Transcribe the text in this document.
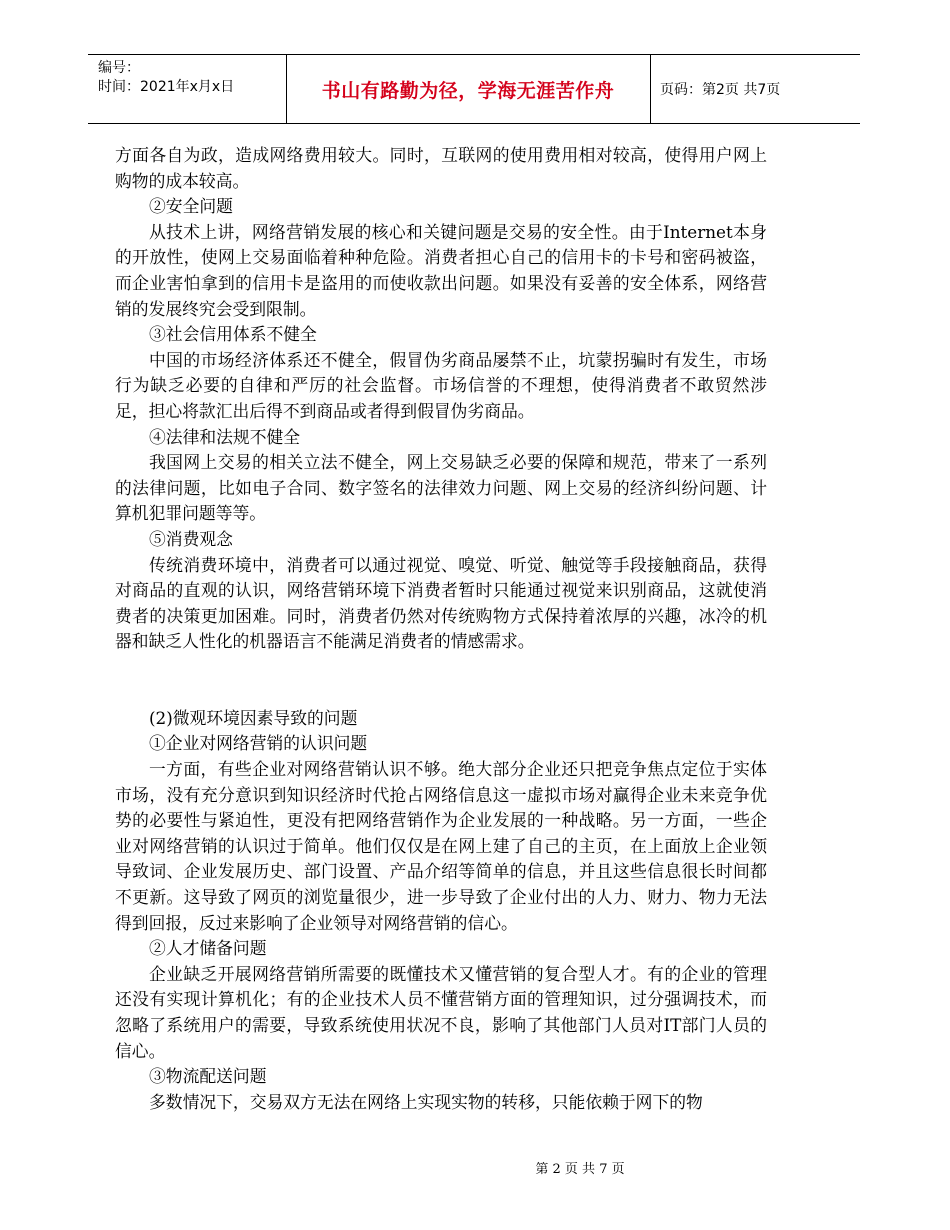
编号：
时间：2021年x月x日	书山有路勤为径，学海无涯苦作舟	页码：第2页 共7页

方面各自为政，造成网络费用较大。同时，互联网的使用费用相对较高，使得用户网上购物的成本较高。

②安全问题

从技术上讲，网络营销发展的核心和关键问题是交易的安全性。由于Internet本身的开放性，使网上交易面临着种种危险。消费者担心自己的信用卡的卡号和密码被盗，而企业害怕拿到的信用卡是盗用的而使收款出问题。如果没有妥善的安全体系，网络营销的发展终究会受到限制。

③社会信用体系不健全

中国的市场经济体系还不健全，假冒伪劣商品屡禁不止，坑蒙拐骗时有发生，市场行为缺乏必要的自律和严厉的社会监督。市场信誉的不理想，使得消费者不敢贸然涉足，担心将款汇出后得不到商品或者得到假冒伪劣商品。

④法律和法规不健全

我国网上交易的相关立法不健全，网上交易缺乏必要的保障和规范，带来了一系列的法律问题，比如电子合同、数字签名的法律效力问题、网上交易的经济纠纷问题、计算机犯罪问题等等。

⑤消费观念

传统消费环境中，消费者可以通过视觉、嗅觉、听觉、触觉等手段接触商品，获得对商品的直观的认识，网络营销环境下消费者暂时只能通过视觉来识别商品，这就使消费者的决策更加困难。同时，消费者仍然对传统购物方式保持着浓厚的兴趣，冰冷的机器和缺乏人性化的机器语言不能满足消费者的情感需求。

(2)微观环境因素导致的问题

①企业对网络营销的认识问题

一方面，有些企业对网络营销认识不够。绝大部分企业还只把竞争焦点定位于实体市场，没有充分意识到知识经济时代抢占网络信息这一虚拟市场对赢得企业未来竞争优势的必要性与紧迫性，更没有把网络营销作为企业发展的一种战略。另一方面，一些企业对网络营销的认识过于简单。他们仅仅是在网上建了自己的主页，在上面放上企业领导致词、企业发展历史、部门设置、产品介绍等简单的信息，并且这些信息很长时间都不更新。这导致了网页的浏览量很少，进一步导致了企业付出的人力、财力、物力无法得到回报，反过来影响了企业领导对网络营销的信心。

②人才储备问题

企业缺乏开展网络营销所需要的既懂技术又懂营销的复合型人才。有的企业的管理还没有实现计算机化；有的企业技术人员不懂营销方面的管理知识，过分强调技术，而忽略了系统用户的需要，导致系统使用状况不良，影响了其他部门人员对IT部门人员的信心。

③物流配送问题

多数情况下，交易双方无法在网络上实现实物的转移，只能依赖于网下的物

第 2 页 共 7 页
